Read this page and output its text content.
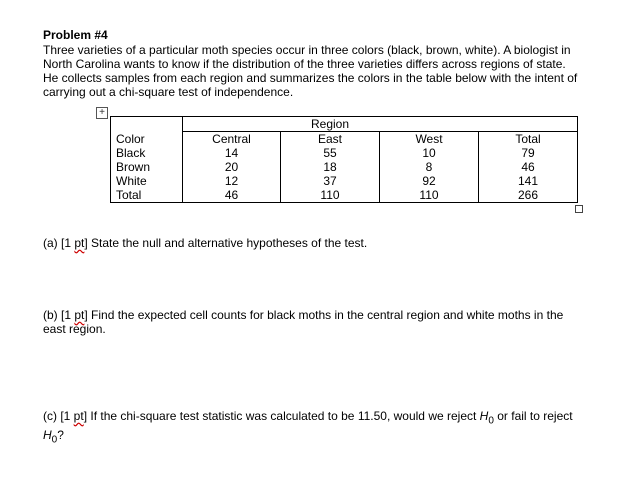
Problem #4
Three varieties of a particular moth species occur in three colors (black, brown, white). A biologist in North Carolina wants to know if the distribution of the three varieties differs across regions of state. He collects samples from each region and summarizes the colors in the table below with the intent of carrying out a chi-square test of independence.
+
		Region		
Color	Central	East	West	Total
Black	14	55	10	79
Brown	20	18	8	46
White	12	37	92	141
Total	46	110	110	266
(a) [1 pt] State the null and alternative hypotheses of the test.
(b) [1 pt] Find the expected cell counts for black moths in the central region and white moths in the east region.
(c) [1 pt] If the chi-square test statistic was calculated to be 11.50, would we reject $H_0$ or fail to reject $H_0$?
